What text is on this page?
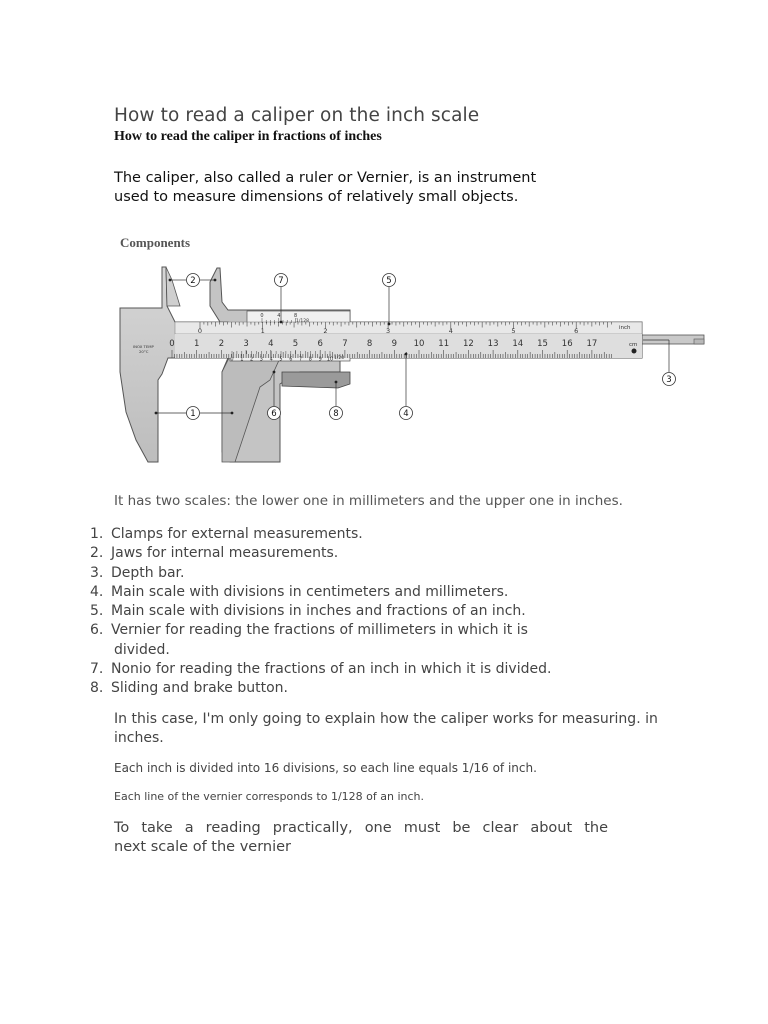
How to read a caliper on the inch scale
How to read the caliper in fractions of inches
The caliper, also called a ruler or Vernier, is an instrument used to measure dimensions of relatively small objects.
Components
0	1	2	3	4	5	6
0 1 2 3 4 5 6 7 8 9 10 11 12 13 14 15 16 17
0 1 2 3 4 5 6 7 8 9 10
0	4	8
inch
cm
INOX TEMP
20°C
1/128
1/20
2	7	5
3
4
8
6
1
It has two scales: the lower one in millimeters and the upper one in inches.
1. Clamps for external measurements.
2. Jaws for internal measurements.
3. Depth bar.
4. Main scale with divisions in centimeters and millimeters.
5. Main scale with divisions in inches and fractions of an inch.
6. Vernier for reading the fractions of millimeters in which it is
divided.
7. Nonio for reading the fractions of an inch in which it is divided.
8. Sliding and brake button.
In this case, I'm only going to explain how the caliper works for measuring. in inches.
Each inch is divided into 16 divisions, so each line equals 1/16 of inch.
Each line of the vernier corresponds to 1/128 of an inch.
To take a reading practically, one must be clear about the
next scale of the vernier
